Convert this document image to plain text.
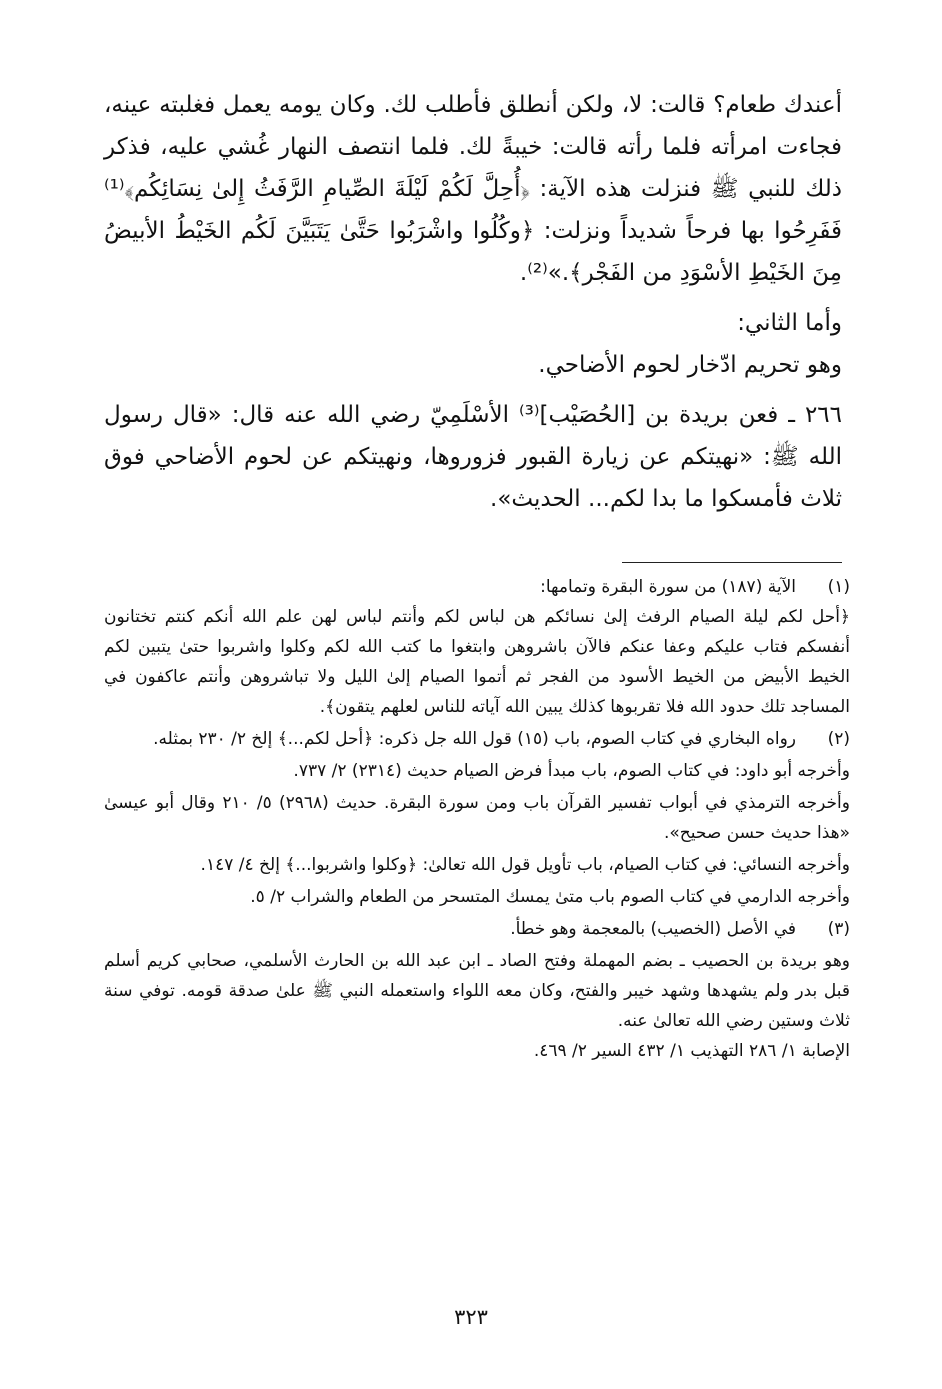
أعندك طعام؟ قالت: لا، ولكن أنطلق فأطلب لك. وكان يومه يعمل فغلبته عينه، فجاءت امرأته فلما رأته قالت: خيبةً لك. فلما انتصف النهار غُشي عليه، فذكر ذلك للنبي ﷺ فنزلت هذه الآية: ﴿أُحِلَّ لَكُمْ لَيْلَةَ الصِّيامِ الرَّفَثُ إِلىٰ نِسَائِكُم﴾⁽¹⁾ فَفَرِحُوا بها فرحاً شديداً ونزلت: ﴿وكُلُوا واشْرَبُوا حَتَّىٰ يَتَبَيَّنَ لَكُم الخَيْطُ الأبيضُ مِنَ الخَيْطِ الأسْوَدِ من الفَجْر﴾.»⁽²⁾.

وأما الثاني:

وهو تحريم ادّخار لحوم الأضاحي.

٢٦٦ ـ فعن بريدة بن [الحُصَيْب]⁽³⁾ الأسْلَمِيّ رضي الله عنه قال: «قال رسول الله ﷺ: «نهيتكم عن زيارة القبور فزوروها، ونهيتكم عن لحوم الأضاحي فوق ثلاث فأمسكوا ما بدا لكم... الحديث».

(١)

الآية (١٨٧) من سورة البقرة وتمامها:

﴿أحل لكم ليلة الصيام الرفث إلىٰ نسائكم هن لباس لكم وأنتم لباس لهن علم الله أنكم كنتم تختانون أنفسكم فتاب عليكم وعفا عنكم فالآن باشروهن وابتغوا ما كتب الله لكم وكلوا واشربوا حتىٰ يتبين لكم الخيط الأبيض من الخيط الأسود من الفجر ثم أتموا الصيام إلىٰ الليل ولا تباشروهن وأنتم عاكفون في المساجد تلك حدود الله فلا تقربوها كذلك يبين الله آياته للناس لعلهم يتقون﴾.

(٢)

رواه البخاري في كتاب الصوم، باب (١٥) قول الله جل ذكره: ﴿أحل لكم...﴾ إلخ ٢/ ٢٣٠ بمثله.

وأخرجه أبو داود: في كتاب الصوم، باب مبدأ فرض الصيام حديث (٢٣١٤) ٢/ ٧٣٧.

وأخرجه الترمذي في أبواب تفسير القرآن باب ومن سورة البقرة. حديث (٢٩٦٨) ٥/ ٢١٠ وقال أبو عيسىٰ «هذا حديث حسن صحيح».

وأخرجه النسائي: في كتاب الصيام، باب تأويل قول الله تعالىٰ: ﴿وكلوا واشربوا...﴾ إلخ ٤/ ١٤٧.

وأخرجه الدارمي في كتاب الصوم باب متىٰ يمسك المتسحر من الطعام والشراب ٢/ ٥.

(٣)

في الأصل (الخصيب) بالمعجمة وهو خطأ.

وهو بريدة بن الحصيب ـ بضم المهملة وفتح الصاد ـ ابن عبد الله بن الحارث الأسلمي، صحابي كريم أسلم قبل بدر ولم يشهدها وشهد خيبر والفتح، وكان معه اللواء واستعمله النبي ﷺ علىٰ صدقة قومه. توفي سنة ثلاث وستين رضي الله تعالىٰ عنه.

الإصابة ١/ ٢٨٦ التهذيب ١/ ٤٣٢ السير ٢/ ٤٦٩.

٣٢٣
